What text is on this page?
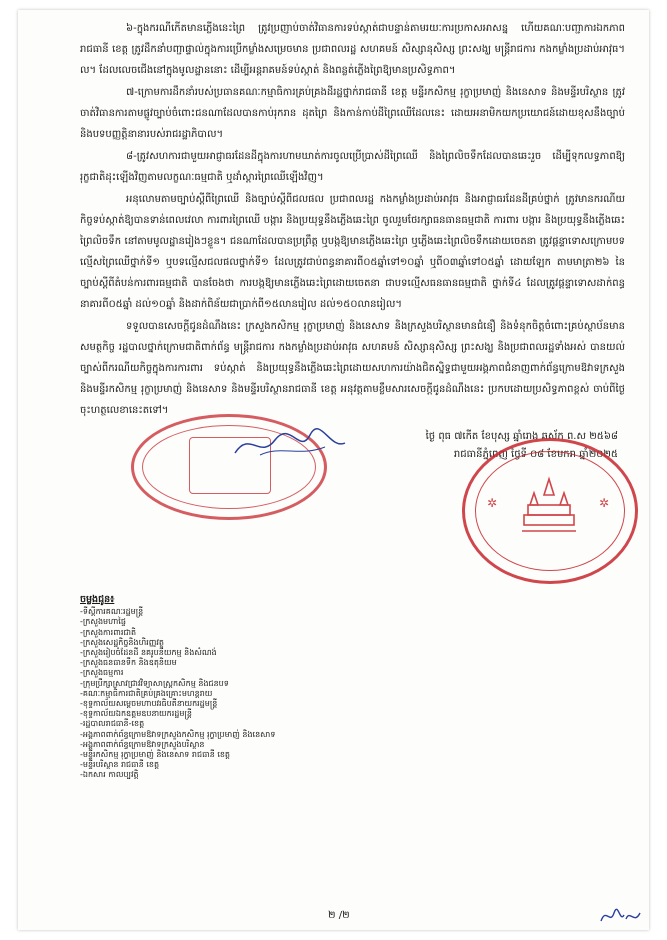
៦-ក្នុងករណីកើតមានភ្លើងនេះព្រៃ ត្រូវប្រញាប់ចាត់វិធានការទប់ស្កាត់ជាបន្ទាន់តាមរយៈការប្រកាសអាសន្ន ហើយគណៈបញ្ជាការឯកភាពរាជធានី ខេត្ត ត្រូវដឹកនាំបញ្ជាផ្ទាល់ក្នុងការប្រើកម្លាំងសម្រេចមាន ប្រជាពលរដ្ឋ សហគមន៍ សិស្សានុសិស្ស ព្រះសង្ឃ មន្ត្រីរាជការ កងកម្លាំងប្រដាប់អាវុធ។ល។ ដែលលេចជើងនៅក្នុងមូលដ្ឋាននោះ ដើម្បីអន្តរាគមន៍ទប់ស្កាត់ និងពន្លត់ភ្លើងព្រៃឱ្យមានប្រសិទ្ធភាព។

៧-ក្រោមការដឹកនាំរបស់ប្រធានគណៈកម្មាធិការគ្រប់គ្រងដីរដ្ឋថ្នាក់រាជធានី ខេត្ត មន្ទីរកសិកម្ម រុក្ខាប្រមាញ់ និងនេសាទ និងមន្ទីរបរិស្ថាន ត្រូវចាត់វិធានការតាមផ្លូវច្បាប់ចំពោះជនណាដែលបានកាប់រុករាន ដុតព្រៃ និងកាន់កាប់ដីព្រៃឈើដែលនេះ ដោយអនាមិកយកប្រយោជន៍ដោយខុសនឹងច្បាប់ និងបទបញ្ញត្តិនានារបស់រាជរដ្ឋាភិបាល។

៨-ត្រូវសហការជាមួយអាជ្ញាធរដែនដីក្នុងការហាមឃាត់ការចូលប្រើប្រាស់ដីព្រៃឈើ និងព្រៃលិចទឹកដែលបានឆេះរួច ដើម្បីទុកលទ្ធភាពឱ្យរុក្ខជាតិដុះឡើងវិញតាមលក្ខណៈធម្មជាតិ ឬដាំស្តារព្រៃឈើឡើងវិញ។

អនុលោមតាមច្បាប់ស្តីពីព្រៃឈើ និងច្បាប់ស្តីពីជលផល ប្រជាពលរដ្ឋ កងកម្លាំងប្រដាប់អាវុធ និងអាជ្ញាធរដែនដីគ្រប់ថ្នាក់ ត្រូវមានករណីយកិច្ចទប់ស្កាត់ឱ្យបានទាន់ពេលវេលា ការពារព្រៃឈើ បង្ការ និងប្រយុទ្ធនឹងភ្លើងឆេះព្រៃ ចូលរួមថែរក្សាធនធានធម្មជាតិ ការពារ បង្ការ និងប្រយុទ្ធនឹងភ្លើងឆេះព្រៃលិចទឹក នៅតាមមូលដ្ឋានរៀងៗខ្លួន។ ជនណាដែលបានប្រព្រឹត្ត ឬបង្កឱ្យមានភ្លើងឆេះព្រៃ ឬភ្លើងឆេះព្រៃលិចទឹកដោយចេតនា ត្រូវផ្តន្ទាទោសក្រោមបទល្មើសព្រៃឈើថ្នាក់ទី១ ឬបទល្មើសជលផលថ្នាក់ទី១ ដែលត្រូវជាប់ពន្ធនាគារពី០៥ឆ្នាំទៅ១០ឆ្នាំ ឬពី០៣ឆ្នាំទៅ០៥ឆ្នាំ ដោយឡែក តាមមាត្រា២៦ នៃច្បាប់ស្តីពីតំបន់ការពារធម្មជាតិ បានចែងថា ការបង្កឱ្យមានភ្លើងឆេះព្រៃដោយចេតនា ជាបទល្មើសធនធានធម្មជាតិ ថ្នាក់ទី៤ ដែលត្រូវផ្តន្ទាទោសដាក់ពន្ធនាគារពី០៥ឆ្នាំ ដល់១០ឆ្នាំ និងដាក់ពិន័យជាប្រាក់ពី១៥លានរៀល ដល់១៥០លានរៀល។

ទទួលបានសេចក្តីជូនដំណឹងនេះ ក្រសួងកសិកម្ម រុក្ខាប្រមាញ់ និងនេសាទ និងក្រសួងបរិស្ថានមានជំនឿ និងទំនុកចិត្តចំពោះគ្រប់ស្ថាប័នមានសមត្ថកិច្ច រដ្ឋបាលថ្នាក់ក្រោមជាតិពាក់ព័ន្ធ មន្ត្រីរាជការ កងកម្លាំងប្រដាប់អាវុធ សហគមន៍ សិស្សានុសិស្ស ព្រះសង្ឃ និងប្រជាពលរដ្ឋទាំងអស់ បានយល់ច្បាស់ពីករណីយកិច្ចក្នុងការការពារ ទប់ស្កាត់ និងប្រយុទ្ធនឹងភ្លើងឆេះព្រៃដោយសហការយ៉ាងជិតស្និទ្ធជាមួយអង្គភាពជំនាញពាក់ព័ន្ធក្រោមឱវាទក្រសួង និងមន្ទីរកសិកម្ម រុក្ខាប្រមាញ់ និងនេសាទ និងមន្ទីរបរិស្ថានរាជធានី ខេត្ត អនុវត្តតាមខ្លឹមសារសេចក្តីជូនដំណឹងនេះ ប្រកបដោយប្រសិទ្ធភាពខ្ពស់ ចាប់ពីថ្ងៃចុះហត្ថលេខានេះតទៅ។

ថ្ងៃ ពុធ ៧កើត ខែបុស្ស ឆ្នាំរោង ឆស័ក ព.ស ២៥៦៨
រាជធានីភ្នំពេញ ថ្ងៃទី ០៨ ខែមករា ឆ្នាំ២០២៥
✲	✲
ចម្លងជូន៖
-ទីស្តីការគណៈរដ្ឋមន្ត្រី
-ក្រសួងមហាផ្ទៃ
-ក្រសួងការពារជាតិ
-ក្រសួងសេដ្ឋកិច្ចនិងហិរញ្ញវត្ថុ
-ក្រសួងរៀបចំដែនដី នគរូបនីយកម្ម និងសំណង់
-ក្រសួងធនធានទឹក និងឧតុនិយម
-ក្រសួងធម្មការ
-ក្រុមប្រឹក្សាស្រាវជ្រាវវិទ្យាសាស្ត្រកសិកម្ម និងជនបទ
-គណៈកម្មាធិការជាតិគ្រប់គ្រងគ្រោះមហន្តរាយ
-ខុទ្ទកាល័យសម្តេចមហាបវរធិបតីនាយករដ្ឋមន្ត្រី
-ខុទ្ទកាល័យឯកឧត្តមឧបនាយករដ្ឋមន្ត្រី
-រដ្ឋបាលរាជធានី-ខេត្ត
-អង្គភាពពាក់ព័ន្ធក្រោមឱវាទក្រសួងកសិកម្ម រុក្ខាប្រមាញ់ និងនេសាទ
-អង្គភាពពាក់ព័ន្ធក្រោមឱវាទក្រសួងបរិស្ថាន
-មន្ទីរកសិកម្ម រុក្ខាប្រមាញ់ និងនេសាទ រាជធានី ខេត្ត
-មន្ទីរបរិស្ថាន រាជធានី ខេត្ត
-ឯកសារ កាលប្បវត្តិ
២ /២
